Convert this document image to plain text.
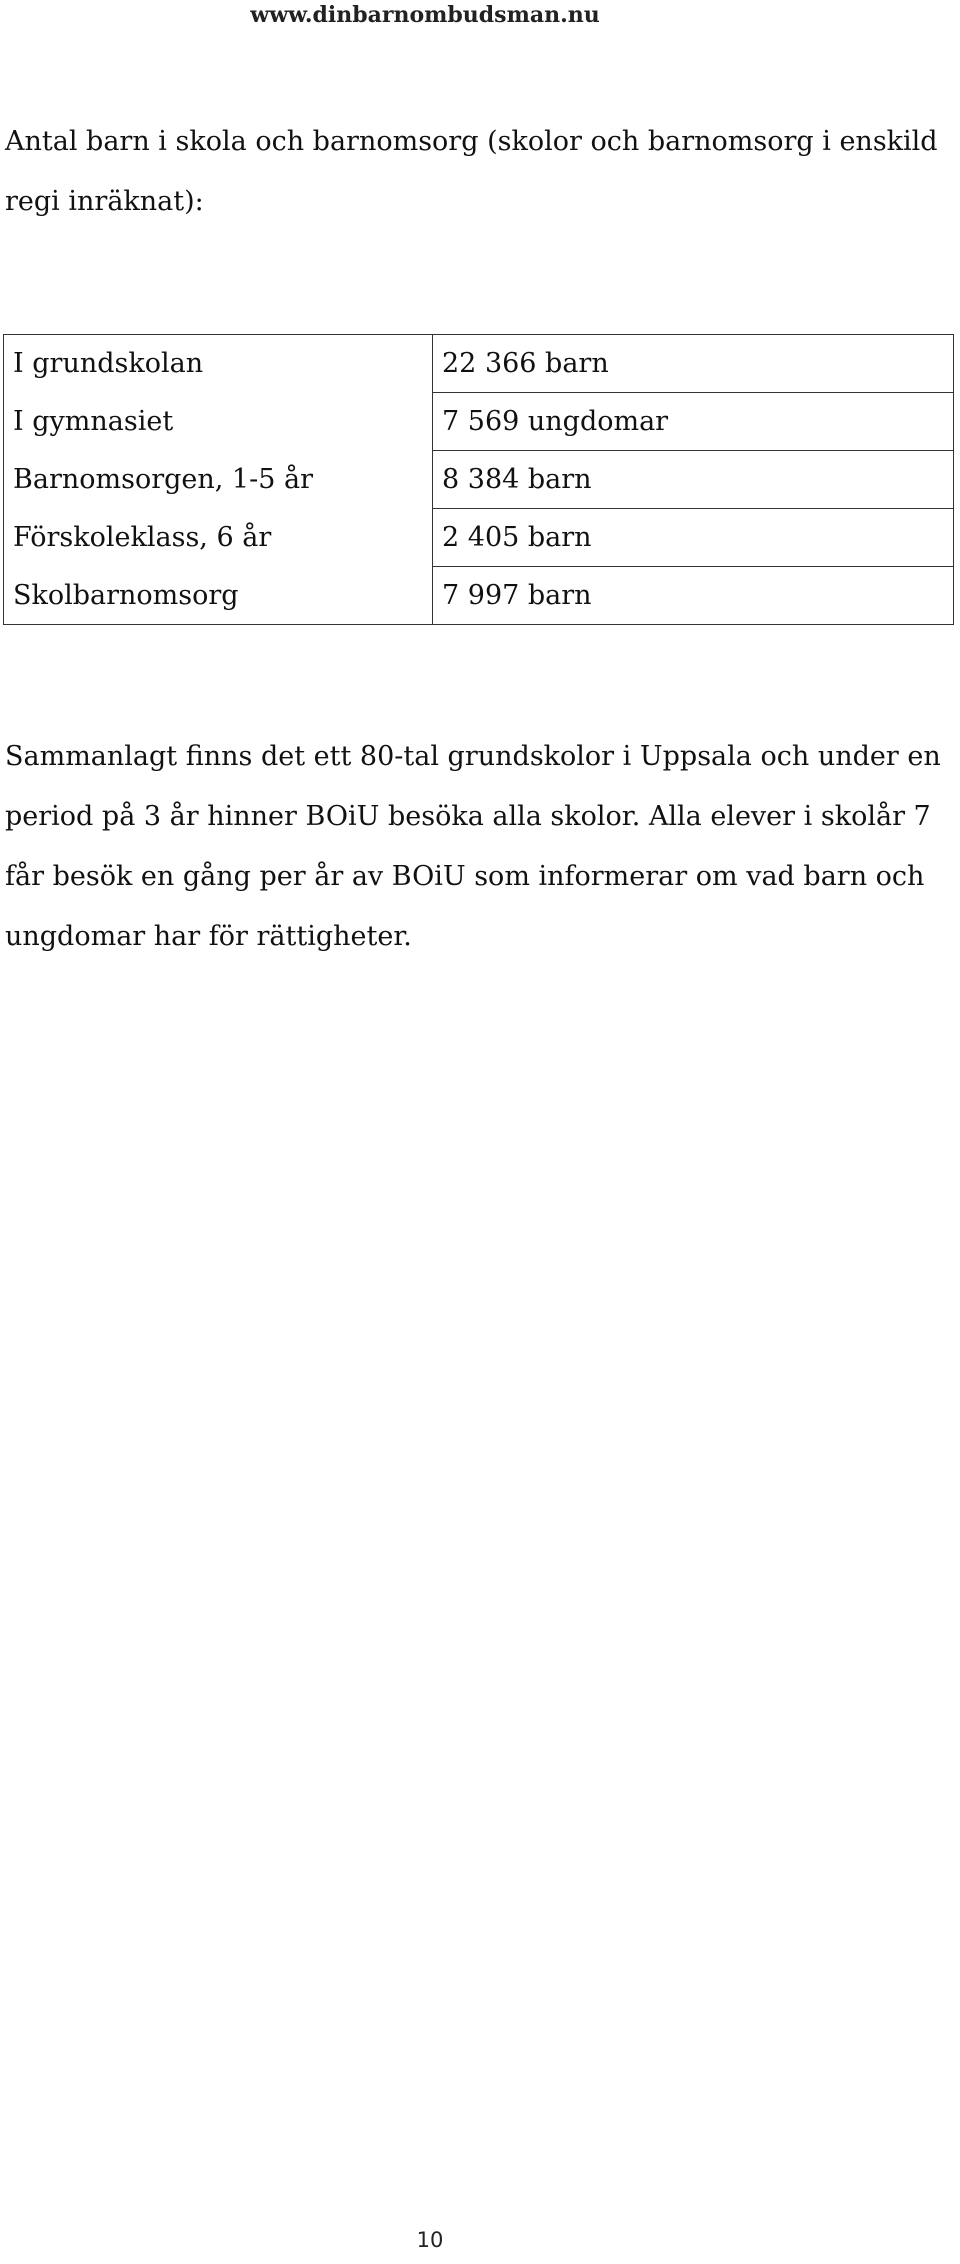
www.dinbarnombudsman.nu

Antal barn i skola och barnomsorg (skolor och barnomsorg i enskild regi inräknat):

I grundskolan	22 366 barn
I gymnasiet	7 569 ungdomar
Barnomsorgen, 1-5 år	8 384 barn
Förskoleklass, 6 år	2 405 barn
Skolbarnomsorg	7 997 barn

Sammanlagt finns det ett 80-tal grundskolor i Uppsala och under en period på 3 år hinner BOiU besöka alla skolor. Alla elever i skolår 7 får besök en gång per år av BOiU som informerar om vad barn och ungdomar har för rättigheter.

10
